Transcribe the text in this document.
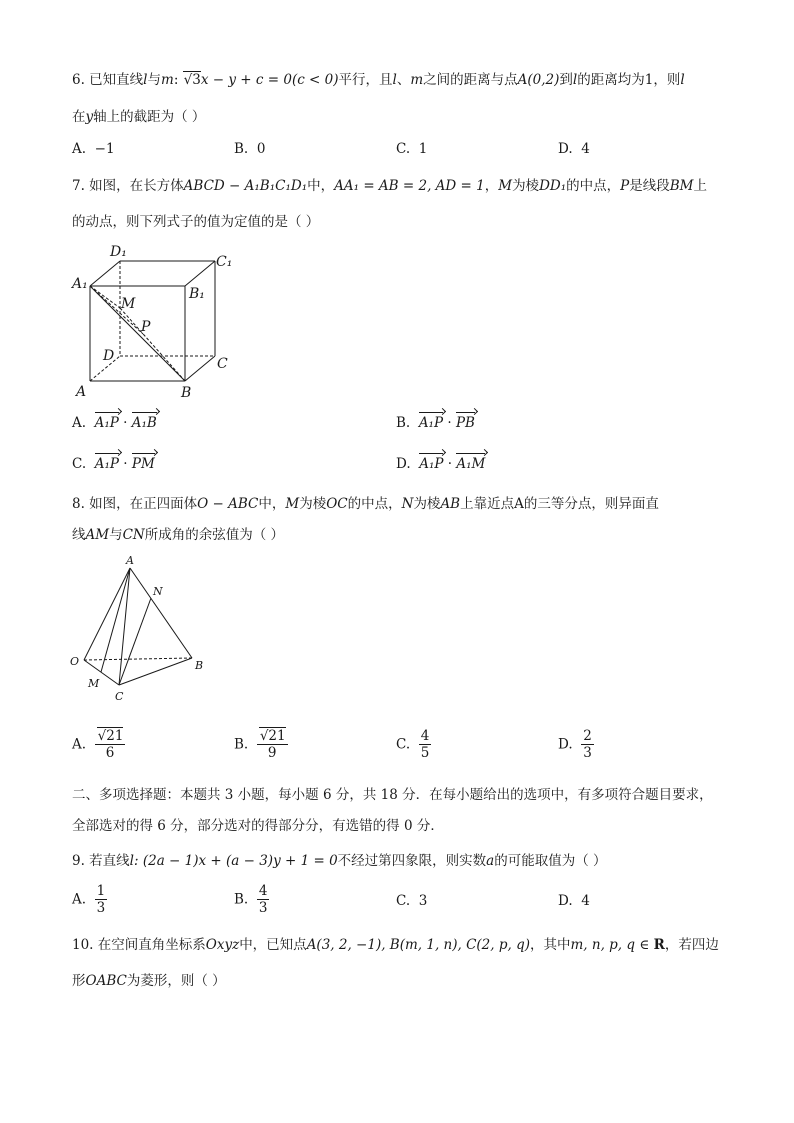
6. 已知直线l与m: √3x − y + c = 0(c < 0)平行，且l、m之间的距离与点A(0,2)到l的距离均为1，则l
在y轴上的截距为（ ）
A. −1	B. 0	C. 1	D. 4
7. 如图，在长方体ABCD − A₁B₁C₁D₁中，AA₁ = AB = 2, AD = 1，M为棱DD₁的中点，P是线段BM上
的动点，则下列式子的值为定值的是（ ）
D₁
C₁
A₁
B₁
M
P
D	C
A	B
A. A₁P · A₁B	B. A₁P · PB
C. A₁P · PM	D. A₁P · A₁M
8. 如图，在正四面体O − ABC中，M为棱OC的中点，N为棱AB上靠近点A的三等分点，则异面直
线AM与CN所成角的余弦值为（ ）
A
N
O	B
M
C
A. $\frac{√21}{6}$	B. $\frac{√21}{9}$	C. $\frac{4}{5}$	D. $\frac{2}{3}$
二、多项选择题：本题共 3 小题，每小题 6 分，共 18 分．在每小题给出的选项中，有多项符合题目要求，
全部选对的得 6 分，部分选对的得部分分，有选错的得 0 分．
9. 若直线l: (2a − 1)x + (a − 3)y + 1 = 0不经过第四象限，则实数a的可能取值为（ ）
A. $\frac{1}{3}$	B. $\frac{4}{3}$	C. 3	D. 4
10. 在空间直角坐标系Oxyz中，已知点A(3, 2, −1), B(m, 1, n), C(2, p, q)，其中m, n, p, q ∈ R，若四边
形OABC为菱形，则（ ）
